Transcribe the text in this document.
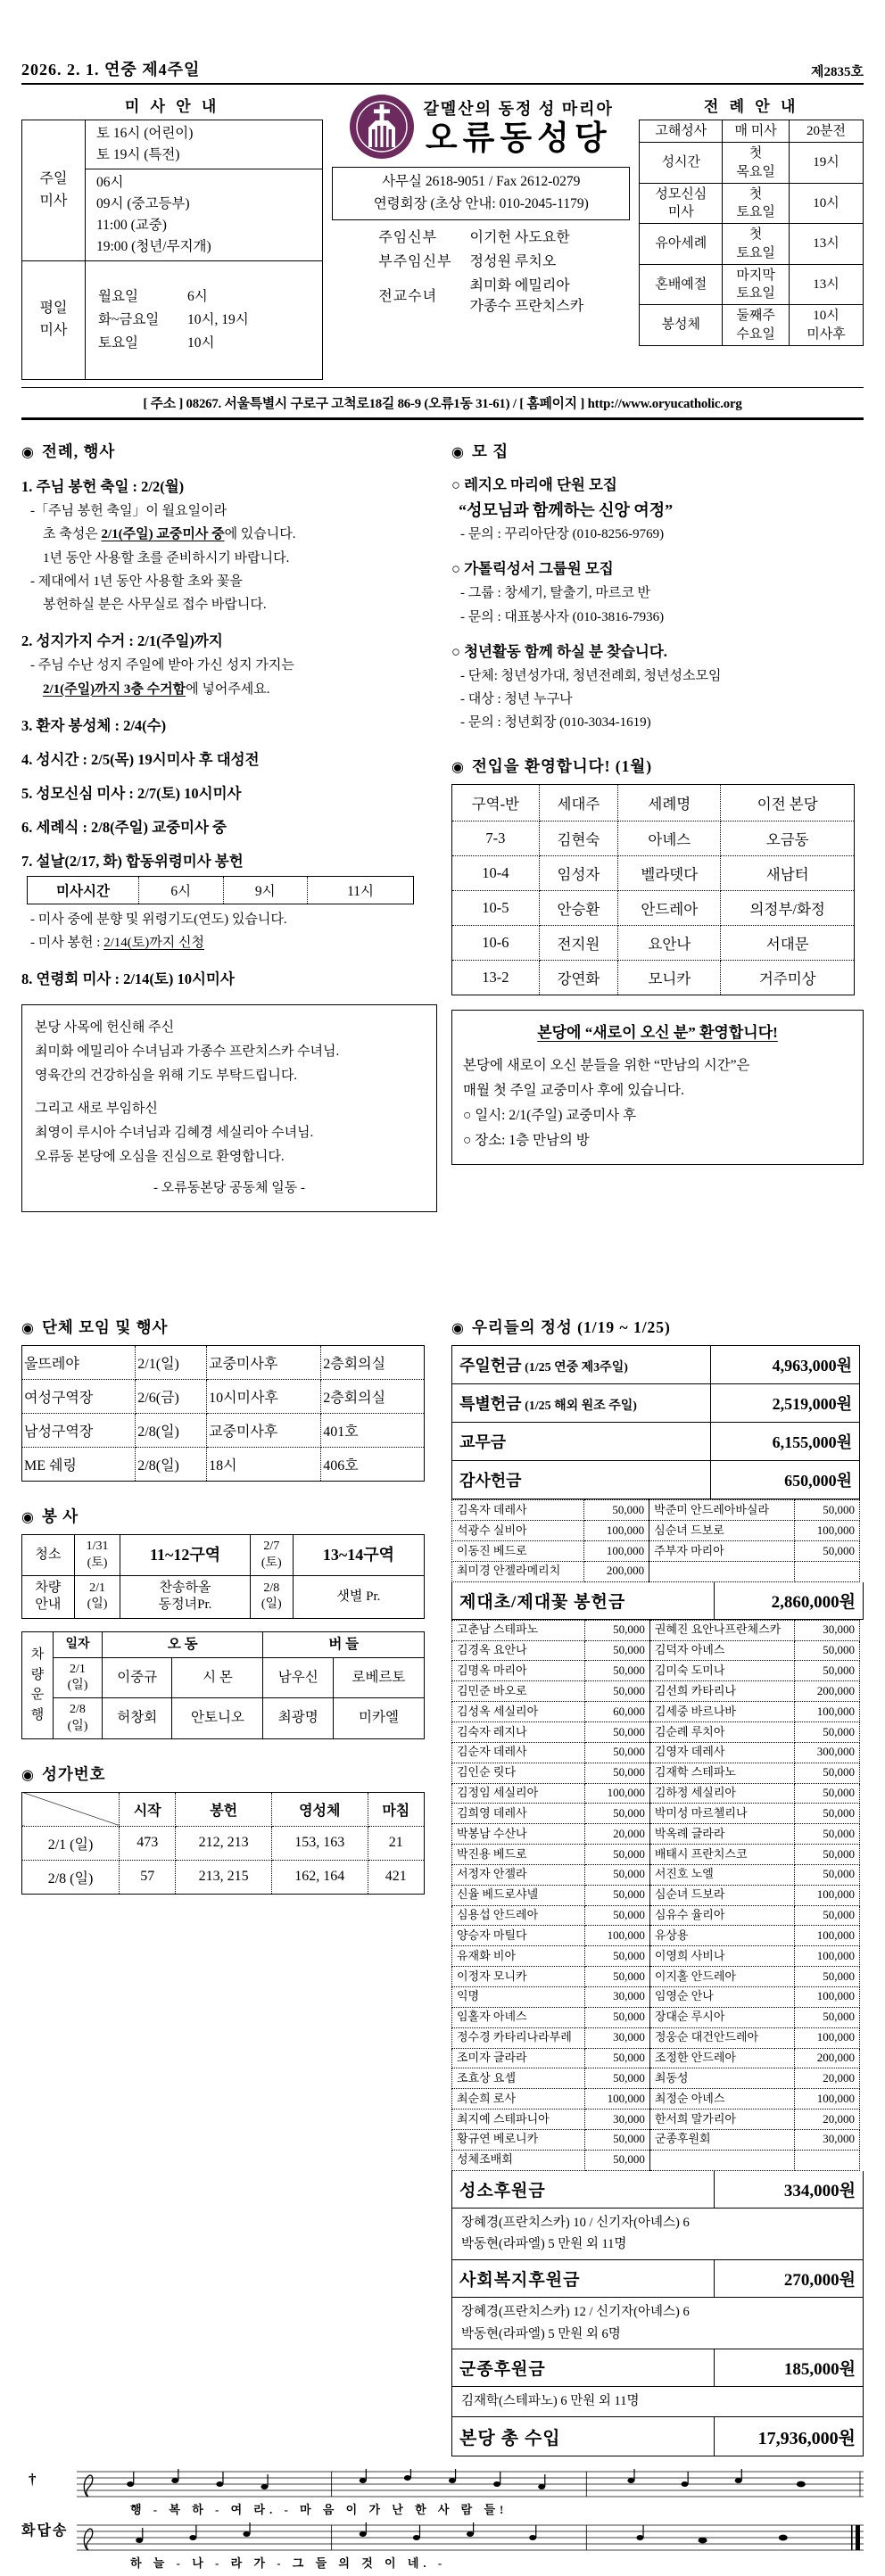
2026. 2. 1. 연중 제4주일	제2835호
미 사 안 내
주일
미사	토 16시 (어린이)
토 19시 (특전)
06시
09시 (중고등부)
11:00 (교중)
19:00 (청년/무지개)
평일
미사	

월요일	6시
화~금요일	10시, 19시
토요일	10시

갈멜산의 동정 성 마리아
오류동성당
사무실 2618-9051 / Fax 2612-0279
연령회장 (초상 안내: 010-2045-1179)
주임신부	이기헌 사도요한
부주임신부	정성원 루치오
전교수녀	최미화 에밀리아
가종수 프란치스카
전 례 안 내
고해성사	매 미사	20분전
성시간	첫
목요일	19시
성모신심
미사	첫
토요일	10시
유아세례	첫
토요일	13시
혼배예절	마지막
토요일	13시
봉성체	둘째주
수요일	10시
미사후
[ 주소 ] 08267. 서울특별시 구로구 고척로18길 86-9 (오류1동 31-61) / [ 홈페이지 ] http://www.oryucatholic.org
◉ 전례, 행사
1. 주님 봉헌 축일 : 2/2(월)
-「주님 봉헌 축일」이 월요일이라
초 축성은 2/1(주일) 교중미사 중에 있습니다.
1년 동안 사용할 초를 준비하시기 바랍니다.
- 제대에서 1년 동안 사용할 초와 꽃을
봉헌하실 분은 사무실로 접수 바랍니다.
2. 성지가지 수거 : 2/1(주일)까지
- 주님 수난 성지 주일에 받아 가신 성지 가지는
2/1(주일)까지 3층 수거함에 넣어주세요.
3. 환자 봉성체 : 2/4(수)
4. 성시간 : 2/5(목) 19시미사 후 대성전
5. 성모신심 미사 : 2/7(토) 10시미사
6. 세례식 : 2/8(주일) 교중미사 중
7. 설날(2/17, 화) 합동위령미사 봉헌
미사시간	6시	9시	11시
- 미사 중에 분향 및 위령기도(연도) 있습니다.
- 미사 봉헌 : 2/14(토)까지 신청
8. 연령회 미사 : 2/14(토) 10시미사
본당 사목에 헌신해 주신
최미화 에밀리아 수녀님과 가종수 프란치스카 수녀님.
영육간의 건강하심을 위해 기도 부탁드립니다.
그리고 새로 부임하신
최영이 루시아 수녀님과 김혜경 세실리아 수녀님.
오류동 본당에 오심을 진심으로 환영합니다.
- 오류동본당 공동체 일동 -
◉ 모 집
○ 레지오 마리애 단원 모집
“성모님과 함께하는 신앙 여정”
- 문의 : 꾸리아단장 (010-8256-9769)
○ 가톨릭성서 그룹원 모집
- 그룹 : 창세기, 탈출기, 마르코 반
- 문의 : 대표봉사자 (010-3816-7936)
○ 청년활동 함께 하실 분 찾습니다.
- 단체: 청년성가대, 청년전례회, 청년성소모임
- 대상 : 청년 누구나
- 문의 : 청년회장 (010-3034-1619)
◉ 전입을 환영합니다! (1월)
구역-반	세대주	세례명	이전 본당
7-3	김현숙	아녜스	오금동
10-4	임성자	벨라뎃다	새남터
10-5	안승환	안드레아	의정부/화정
10-6	전지원	요안나	서대문
13-2	강연화	모니카	거주미상
본당에 “새로이 오신 분” 환영합니다!
본당에 새로이 오신 분들을 위한 “만남의 시간”은
매월 첫 주일 교중미사 후에 있습니다.
○ 일시: 2/1(주일) 교중미사 후
○ 장소: 1층 만남의 방
◉ 단체 모임 및 행사
울뜨레야	2/1(일)	교중미사후	2층회의실
여성구역장	2/6(금)	10시미사후	2층회의실
남성구역장	2/8(일)	교중미사후	401호
ME 쉐링	2/8(일)	18시	406호
◉ 봉 사
청소	1/31
(토)	11~12구역	2/7
(토)	13~14구역
차량
안내	2/1
(일)	찬송하올
동정녀Pr.	2/8
(일)	샛별 Pr.
차
량
운
행	일자	오 동		버 들	
	2/1
(일)	이중규	시 몬	남우신	로베르토
	2/8
(일)	허창회	안토니오	최광명	미카엘
◉ 성가번호
	시작	봉헌	영성체	마침
2/1 (일)	473	212, 213	153, 163	21
2/8 (일)	57	213, 215	162, 164	421
◉ 우리들의 정성 (1/19 ~ 1/25)
주일헌금 (1/25 연중 제3주일)	4,963,000원
특별헌금 (1/25 해외 원조 주일)	2,519,000원
교무금	6,155,000원
감사헌금	650,000원
김옥자 데레사	50,000	박준미 안드레아바실라	50,000
석광수 실비아	100,000	심순녀 드보로	100,000
이동진 베드로	100,000	주부자 마리아	50,000
최미경 안젤라메리치	200,000		
제대초/제대꽃 봉헌금	2,860,000원
고춘남 스테파노	50,000	권혜진 요안나프란체스카	30,000
김경옥 요안나	50,000	김덕자 아녜스	50,000
김명옥 마리아	50,000	김미숙 도미나	50,000
김민준 바오로	50,000	김선희 카타리나	200,000
김성옥 세실리아	60,000	김세중 바르나바	100,000
김숙자 레지나	50,000	김순례 루치아	50,000
김순자 데레사	50,000	김영자 데레사	300,000
김인순 릿다	50,000	김재학 스테파노	50,000
김정임 세실리아	100,000	김하정 세실리아	50,000
김희영 데레사	50,000	박미성 마르첼리나	50,000
박봉남 수산나	20,000	박옥례 글라라	50,000
박진용 베드로	50,000	배태시 프란치스코	50,000
서정자 안젤라	50,000	서진호 노엘	50,000
신율 베드로샤넬	50,000	심순녀 드보라	100,000
심용섭 안드레아	50,000	심유수 율리아	50,000
양승자 마틸다	100,000	유상용	100,000
유재화 비아	50,000	이영희 사비나	100,000
이정자 모니카	50,000	이지홀 안드레아	50,000
익명	30,000	임영순 안나	100,000
임홀자 아녜스	50,000	장대순 루시아	50,000
정수경 카타리나라부레	30,000	정웅순 대건안드레아	100,000
조미자 글라라	50,000	조정한 안드레아	200,000
조효상 요셉	50,000	최동성	20,000
최순희 로사	100,000	최정순 아녜스	100,000
최지예 스테파니아	30,000	한서희 말가리아	20,000
황규연 베로니카	50,000	군종후원회	30,000
성체조배회	50,000		
성소후원금	334,000원
장혜경(프란치스카) 10 / 신기자(아녜스) 6
박동현(라파엘) 5 만원 외 11명
사회복지후원금	270,000원
장혜경(프란치스카) 12 / 신기자(아녜스) 6
박동현(라파엘) 5 만원 외 6명
군종후원금	185,000원
김재학(스테파노) 6 만원 외 11명
본당 총 수입	17,936,000원
†
화답송
행 - 복 하 - 여 라. - 마 음 이 가 난 한 사 람 들!
하 늘 - 나 - 라 가 - 그 들 의 것 이 네. -
